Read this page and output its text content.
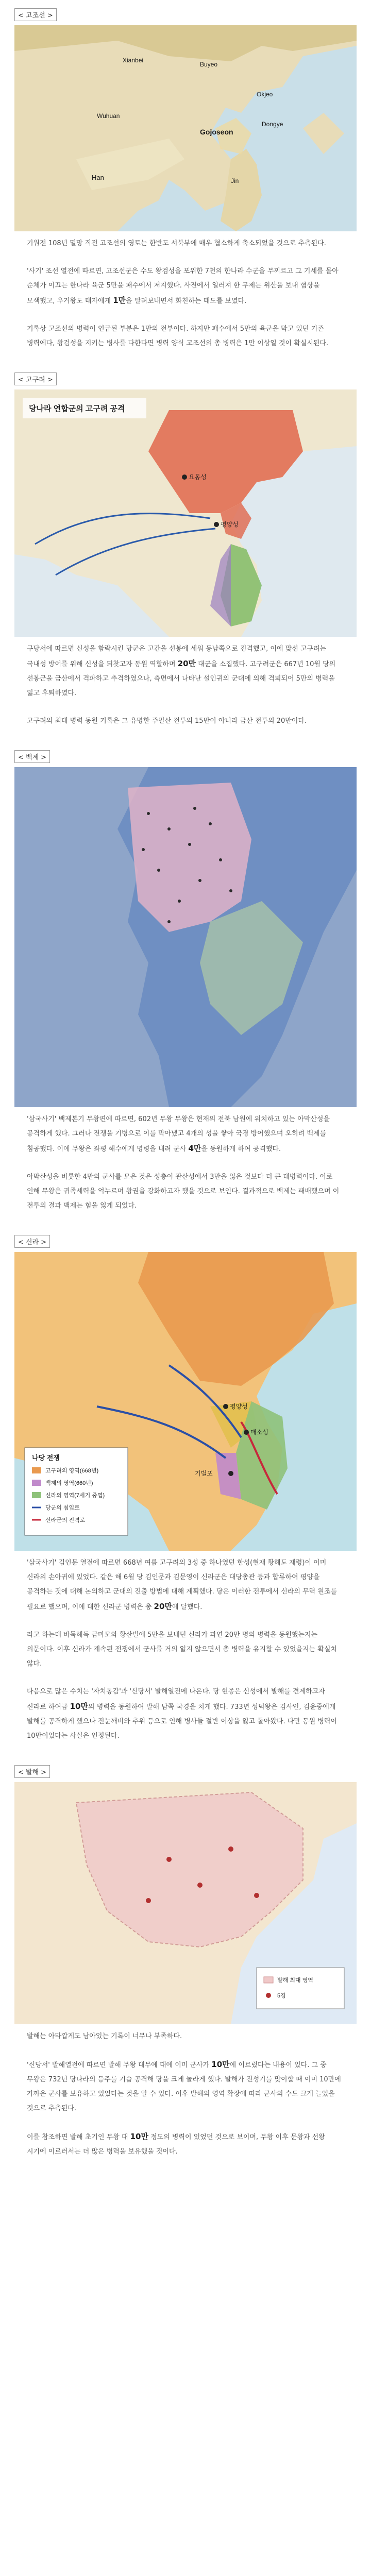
< 고조선 >
Xianbei
Buyeo
Wuhuan
Okjeo
Gojoseon
Dongye
Han	Jin

기원전 108년 멸망 직전 고조선의 영토는 한반도 서북부에 매우 협소하게 축소되었을 것으로 추측된다.

'사기' 조선 열전에 따르면, 고조선군은 수도 왕검성을 포위한 7천의 한나라 수군을 무찌르고 그 기세를 몰아 순체가 이끄는 한나라 육군 5만을 패수에서 저지했다. 사전에서 일러져 한 무제는 위산을 보내 협상을 모색했고, 우거왕도 태자에게 1만을 딸려보내면서 화친하는 태도를 보였다.

기록상 고조선의 병력이 언급된 부분은 1만의 전부이다. 하지만 패수에서 5만의 육군을 막고 있던 기존 병력에다, 왕검성을 지키는 병사를 다한다면 병력 양식 고조선의 총 병력은 1만 이상일 것이 확실시된다.

< 고구려 >
당나라 연합군의 고구려 공격
평양성
요동성

구당서에 따르면 신성을 함락시킨 당군은 고간을 선봉에 세워 동남쪽으로 진격했고, 이에 맞선 고구려는 국내성 방어를 위해 신성을 되찾고자 동원 역할하며 20만 대군을 소집했다. 고구려군은 667년 10월 당의 선봉군을 금산에서 격파하고 추격하였으나, 측면에서 나타난 설인귀의 군대에 의해 격퇴되어 5만의 병력을 잃고 후퇴하였다.

고구려의 최대 병력 동원 기록은 그 유명한 주필산 전투의 15만이 아니라 금산 전투의 20만이다.

< 백제 >

'삼국사기' 백제본기 무왕편에 따르면, 602년 무왕 무왕은 현재의 전북 남원에 위치하고 있는 아막산성을 공격하게 했다. 그러나 전쟁을 기병으로 이를 막아냈고 4개의 성을 쌓아 국경 방어했으며 오히려 백제를 침공했다. 이에 무왕은 좌평 해수에게 명령을 내려 군사 4만을 동원하게 하여 공격했다.

아막산성을 비롯한 4만의 군사를 모은 것은 성충이 관산성에서 3만을 잃은 것보다 더 큰 대병력이다. 이로 인해 무왕은 귀족세력을 억누르며 왕권을 강화하고자 했을 것으로 보인다. 결과적으로 백제는 패배했으며 이 전투의 결과 백제는 힘을 잃게 되었다.

< 신라 >
평양성
매소성
기벌포
나당 전쟁
고구려의 영역(668년)
백제의 영역(660년)
신라의 영역(7세기 중엽)
당군의 침입로
신라군의 진격로

'삼국사기' 김인문 열전에 따르면 668년 여름 고구려의 3성 중 하나였던 한성(현재 황해도 재령)이 이미 신라의 손아귀에 있었다. 같은 해 6월 당 김인문과 김문영이 신라군은 대당총관 등과 합류하여 평양을 공격하는 것에 대해 논의하고 군대의 진출 방법에 대해 계획했다. 당은 이러한 전투에서 신라의 무력 원조를 필요로 했으며, 이에 대한 신라군 병력은 총 20만에 달했다.

라고 하는데 바둑해득 금마모와 황산벌에 5만을 보내던 신라가 과연 20만 명의 병력을 동원했는지는 의문이다. 이후 신라가 계속된 전쟁에서 군사를 거의 잃지 않으면서 총 병력을 유지할 수 있었을지는 확실치 않다.

다음으로 많은 수치는 '자치통감'과 '신당서' 발해열전에 나온다. 당 현종은 신성에서 발해를 견제하고자 신라로 하여금 10만의 병력을 동원하여 발해 남쪽 국경을 치게 했다. 733년 성덕왕은 김사인, 김윤중에게 발해를 공격하게 했으나 진눈깨비와 추위 등으로 인해 병사들 절반 이상을 잃고 돌아왔다. 다만 동원 병력이 10만이었다는 사실은 인정된다.

< 발해 >
발해 최대 영역
5경

발해는 아타깝게도 남아있는 기록이 너무나 부족하다.

'신당서' 발해열전에 따르면 발해 무왕 대무예 대에 이미 군사가 10만에 이르렀다는 내용이 있다. 그 중 무왕은 732년 당나라의 등주를 기습 공격해 당을 크게 놀라게 했다. 발해가 전성기를 맞이할 때 이미 10만에 가까운 군사를 보유하고 있었다는 것을 알 수 있다. 이후 발해의 영역 확장에 따라 군사의 수도 크게 늘었을 것으로 추측된다.

이를 참조하면 발해 초기인 무왕 대 10만 정도의 병력이 있었던 것으로 보이며, 무왕 이후 문왕과 선왕 시기에 이르러서는 더 많은 병력을 보유했을 것이다.
